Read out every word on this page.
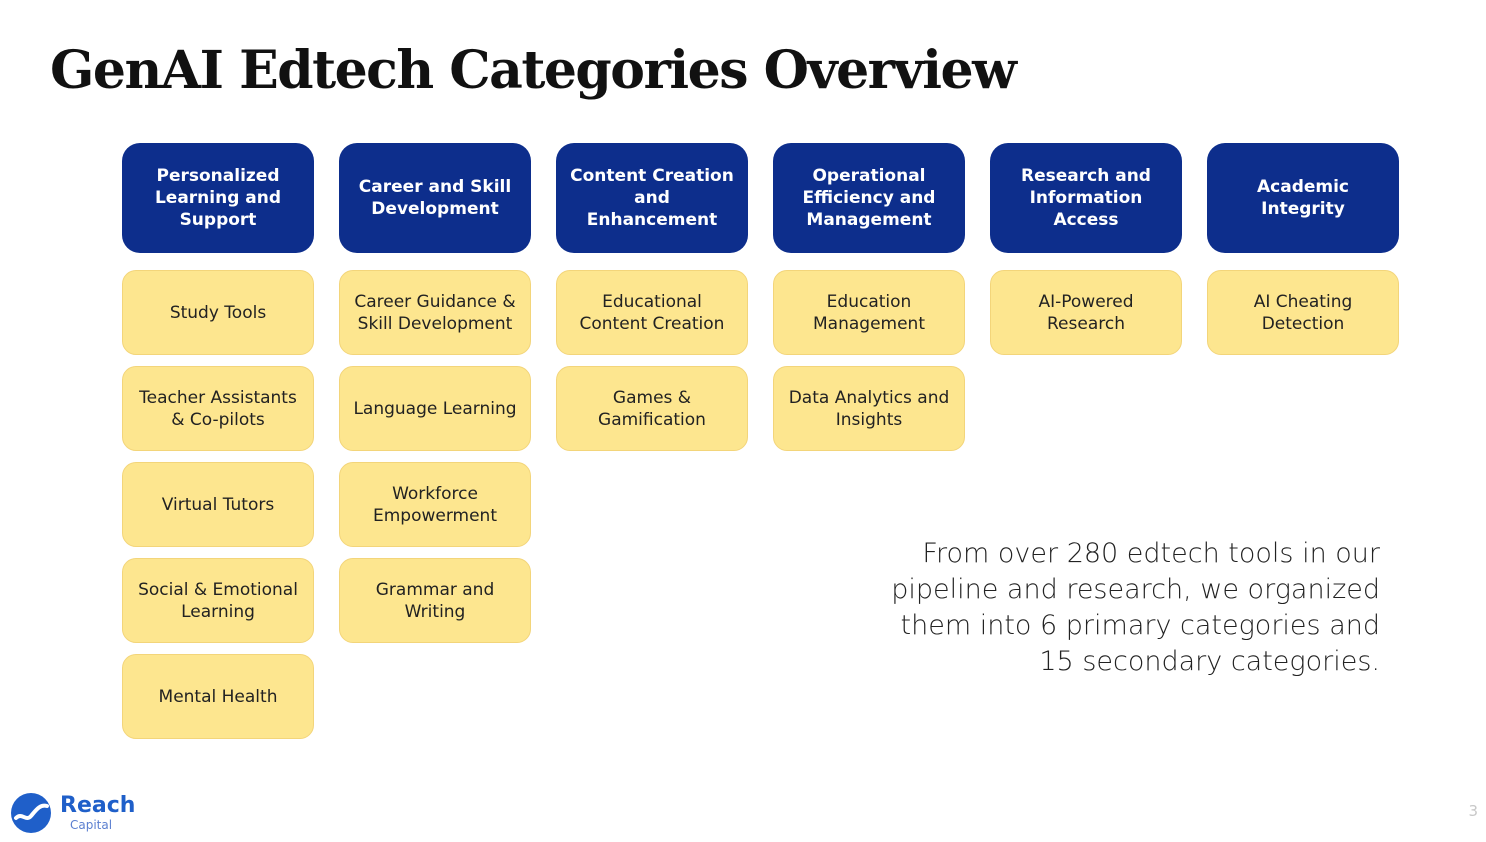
GenAI Edtech Categories Overview
Personalized Learning and Support
Study Tools
Teacher Assistants & Co-pilots
Virtual Tutors
Social & Emotional Learning
Mental Health
Career and Skill Development
Career Guidance & Skill Development
Language Learning
Workforce Empowerment
Grammar and Writing
Content Creation and Enhancement
Educational Content Creation
Games & Gamification
Operational Efficiency and Management
Education Management
Data Analytics and Insights
Research and Information Access
AI-Powered Research
Academic Integrity
AI Cheating Detection
From over 280 edtech tools in our pipeline and research, we organized them into 6 primary categories and 15 secondary categories.
Reach
Capital
3
